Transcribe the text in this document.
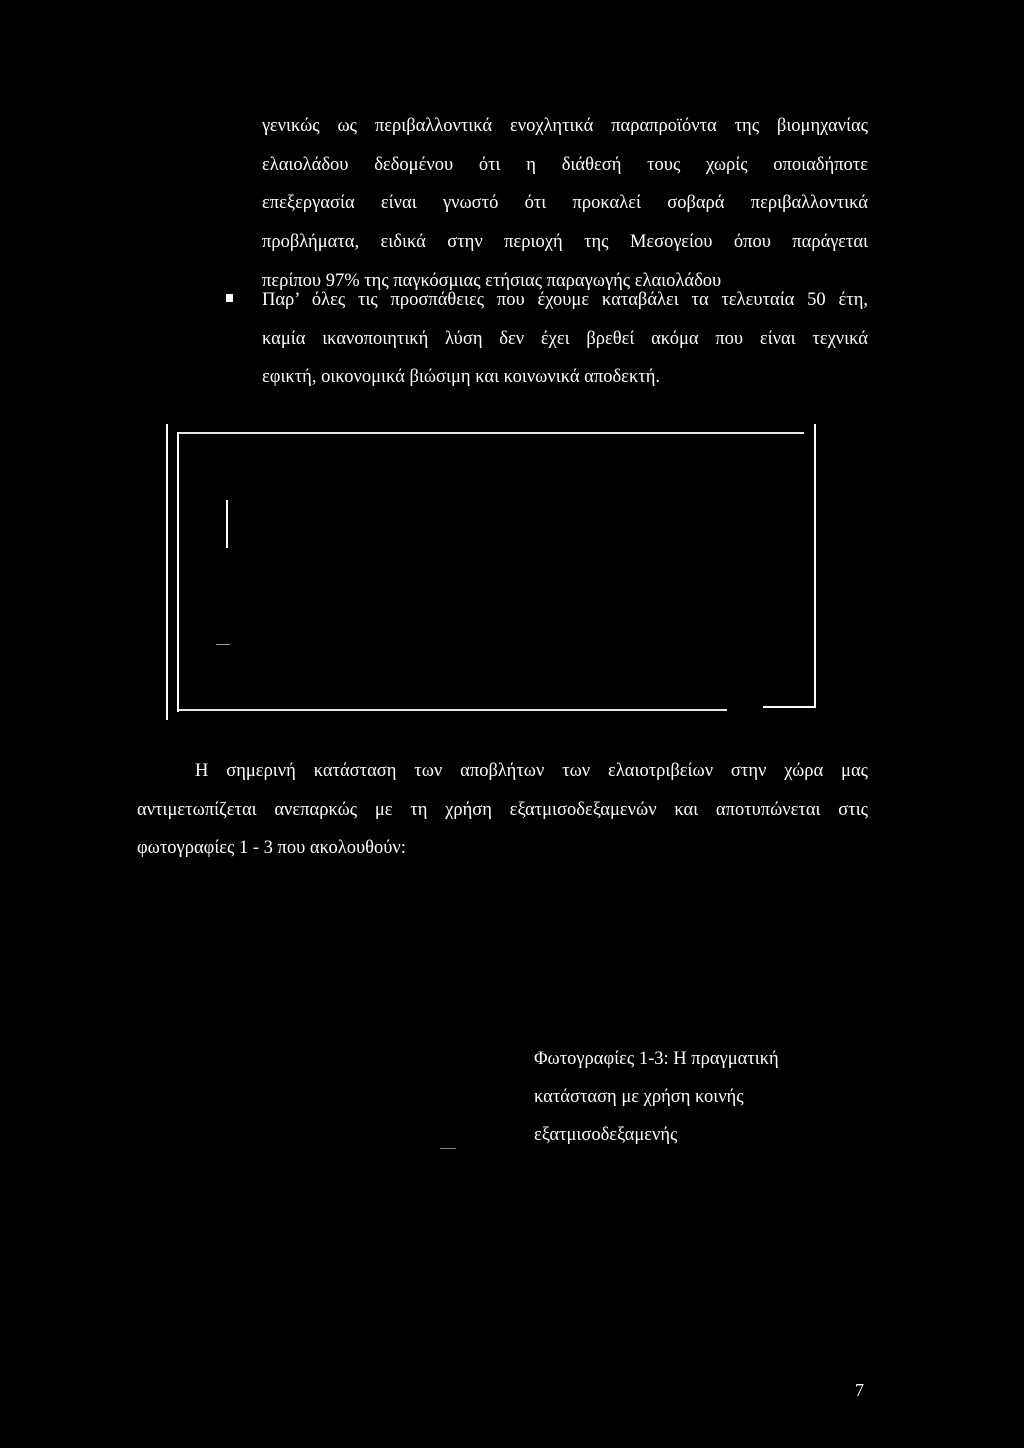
γενικώς ως περιβαλλοντικά ενοχλητικά παραπροϊόντα της βιομηχανίας
ελαιολάδου δεδομένου ότι η διάθεσή τους χωρίς οποιαδήποτε
επεξεργασία είναι γνωστό ότι προκαλεί σοβαρά περιβαλλοντικά
προβλήματα, ειδικά στην περιοχή της Μεσογείου όπου παράγεται
περίπου 97% της παγκόσμιας ετήσιας παραγωγής ελαιολάδου
Παρ’ όλες τις προσπάθειες που έχουμε καταβάλει τα τελευταία 50 έτη,
καμία ικανοποιητική λύση δεν έχει βρεθεί ακόμα που είναι τεχνικά
εφικτή, οικονομικά βιώσιμη και κοινωνικά αποδεκτή.
Η σημερινή κατάσταση των αποβλήτων των ελαιοτριβείων στην χώρα μας
αντιμετωπίζεται ανεπαρκώς με τη χρήση εξατμισοδεξαμενών και αποτυπώνεται στις
φωτογραφίες 1 - 3 που ακολουθούν:
Φωτογραφίες 1-3: Η πραγματική
κατάσταση με χρήση κοινής
εξατμισοδεξαμενής
7
